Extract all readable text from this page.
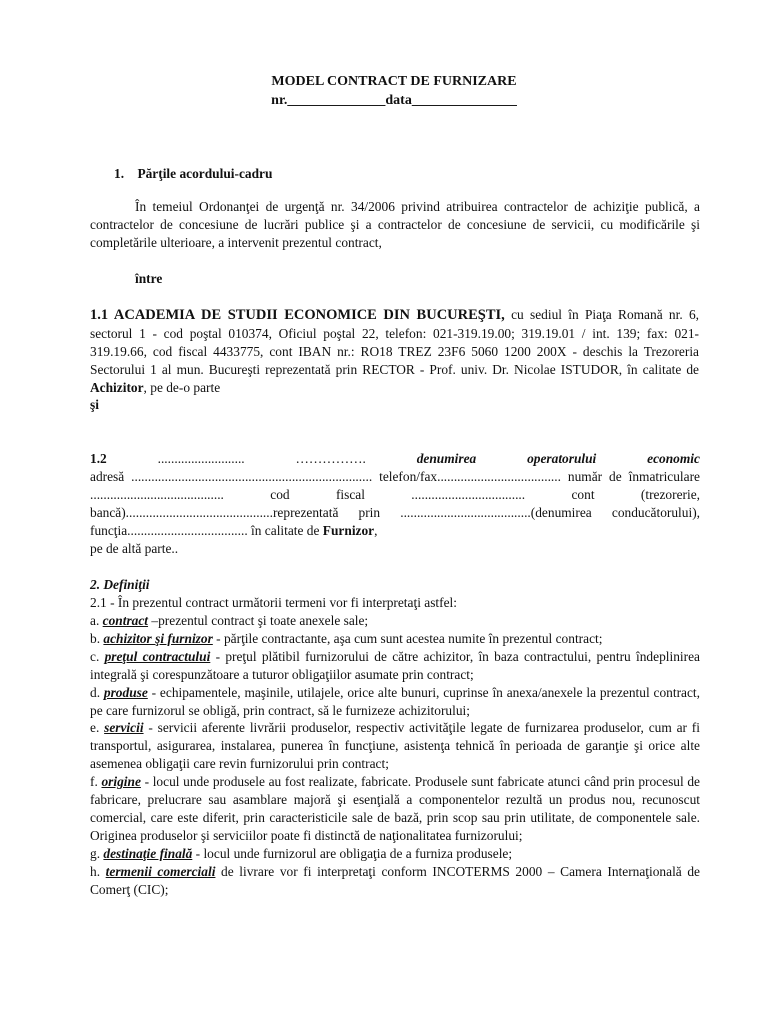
MODEL CONTRACT DE FURNIZARE
nr.______________data_______________
1. Părţile acordului-cadru
În temeiul Ordonanţei de urgenţă nr. 34/2006 privind atribuirea contractelor de achiziţie publică, a contractelor de concesiune de lucrări publice şi a contractelor de concesiune de servicii, cu modificările şi completările ulterioare, a intervenit prezentul contract,
între
1.1 ACADEMIA DE STUDII ECONOMICE DIN BUCUREŞTI, cu sediul în Piaţa Romană nr. 6, sectorul 1 - cod poştal 010374, Oficiul poştal 22, telefon: 021-319.19.00; 319.19.01 / int. 139; fax: 021-319.19.66, cod fiscal 4433775, cont IBAN nr.: RO18 TREZ 23F6 5060 1200 200X - deschis la Trezoreria Sectorului 1 al mun. Bucureşti reprezentată prin RECTOR - Prof. univ. Dr. Nicolae ISTUDOR, în calitate de Achizitor, pe de-o parte
şi
1.2	..........................	…………….	denumirea	operatorului	economic
adresă ........................................................................ telefon/fax..................................... număr de înmatriculare ........................................ cod fiscal .................................. cont (trezorerie, bancă)............................................reprezentată prin .......................................(denumirea conducătorului), funcţia.................................... în calitate de Furnizor,
pe de altă parte..
2. Definiţii
2.1 - În prezentul contract următorii termeni vor fi interpretaţi astfel:

a. contract –prezentul contract şi toate anexele sale;

b. achizitor şi furnizor - părţile contractante, aşa cum sunt acestea numite în prezentul contract;

c. preţul contractului - preţul plătibil furnizorului de către achizitor, în baza contractului, pentru îndeplinirea integrală şi corespunzătoare a tuturor obligaţiilor asumate prin contract;

d. produse - echipamentele, maşinile, utilajele, orice alte bunuri, cuprinse în anexa/anexele la prezentul contract, pe care furnizorul se obligă, prin contract, să le furnizeze achizitorului;

e. servicii - servicii aferente livrării produselor, respectiv activităţile legate de furnizarea produselor, cum ar fi transportul, asigurarea, instalarea, punerea în funcţiune, asistenţa tehnică în perioada de garanţie şi orice alte asemenea obligaţii care revin furnizorului prin contract;

f. origine - locul unde produsele au fost realizate, fabricate. Produsele sunt fabricate atunci când prin procesul de fabricare, prelucrare sau asamblare majoră şi esenţială a componentelor rezultă un produs nou, recunoscut comercial, care este diferit, prin caracteristicile sale de bază, prin scop sau prin utilitate, de componentele sale. Originea produselor şi serviciilor poate fi distinctă de naţionalitatea furnizorului;

g. destinaţie finală - locul unde furnizorul are obligaţia de a furniza produsele;

h. termenii comerciali de livrare vor fi interpretaţi conform INCOTERMS 2000 – Camera Internaţională de Comerţ (CIC);
